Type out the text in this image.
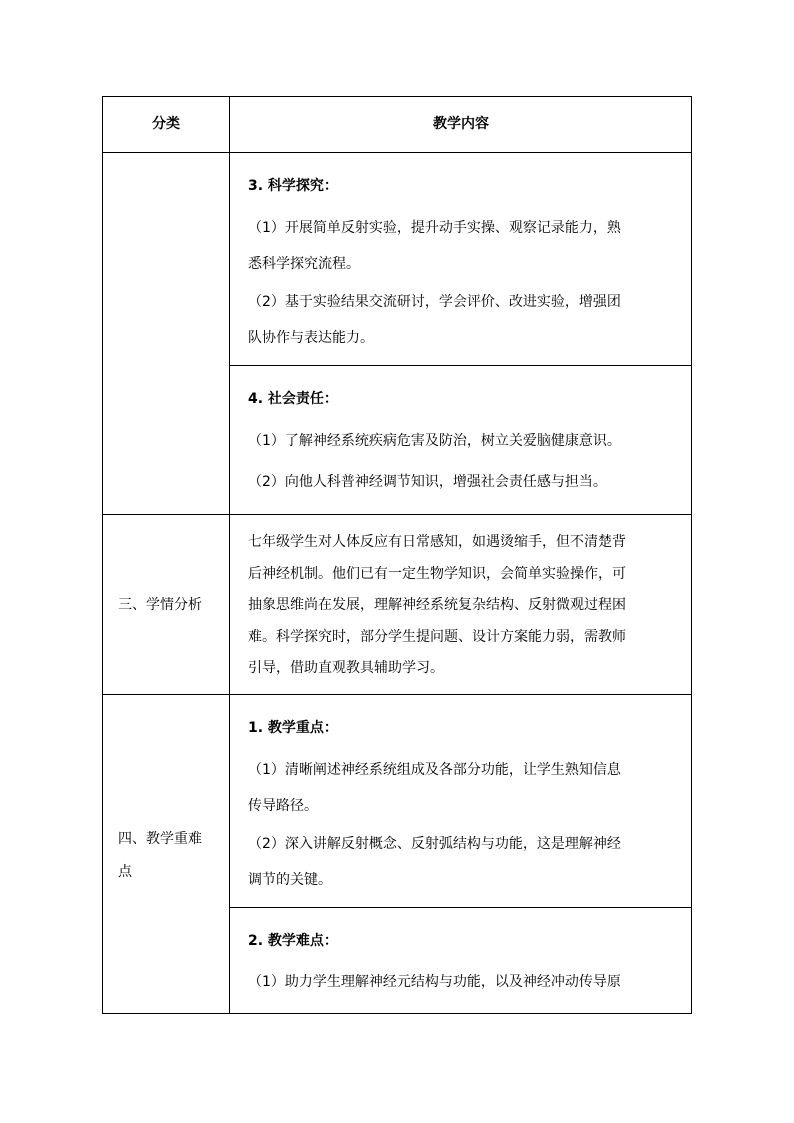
分类	教学内容
3. 科学探究：
（1）开展简单反射实验，提升动手实操、观察记录能力，熟
悉科学探究流程。
（2）基于实验结果交流研讨，学会评价、改进实验，增强团
队协作与表达能力。
4. 社会责任：
（1）了解神经系统疾病危害及防治，树立关爱脑健康意识。
（2）向他人科普神经调节知识，增强社会责任感与担当。
三、学情分析
七年级学生对人体反应有日常感知，如遇烫缩手，但不清楚背
后神经机制。他们已有一定生物学知识，会简单实验操作，可
抽象思维尚在发展，理解神经系统复杂结构、反射微观过程困
难。科学探究时，部分学生提问题、设计方案能力弱，需教师
引导，借助直观教具辅助学习。
四、教学重难
点
1. 教学重点：
（1）清晰阐述神经系统组成及各部分功能，让学生熟知信息
传导路径。
（2）深入讲解反射概念、反射弧结构与功能，这是理解神经
调节的关键。
2. 教学难点：
（1）助力学生理解神经元结构与功能，以及神经冲动传导原
